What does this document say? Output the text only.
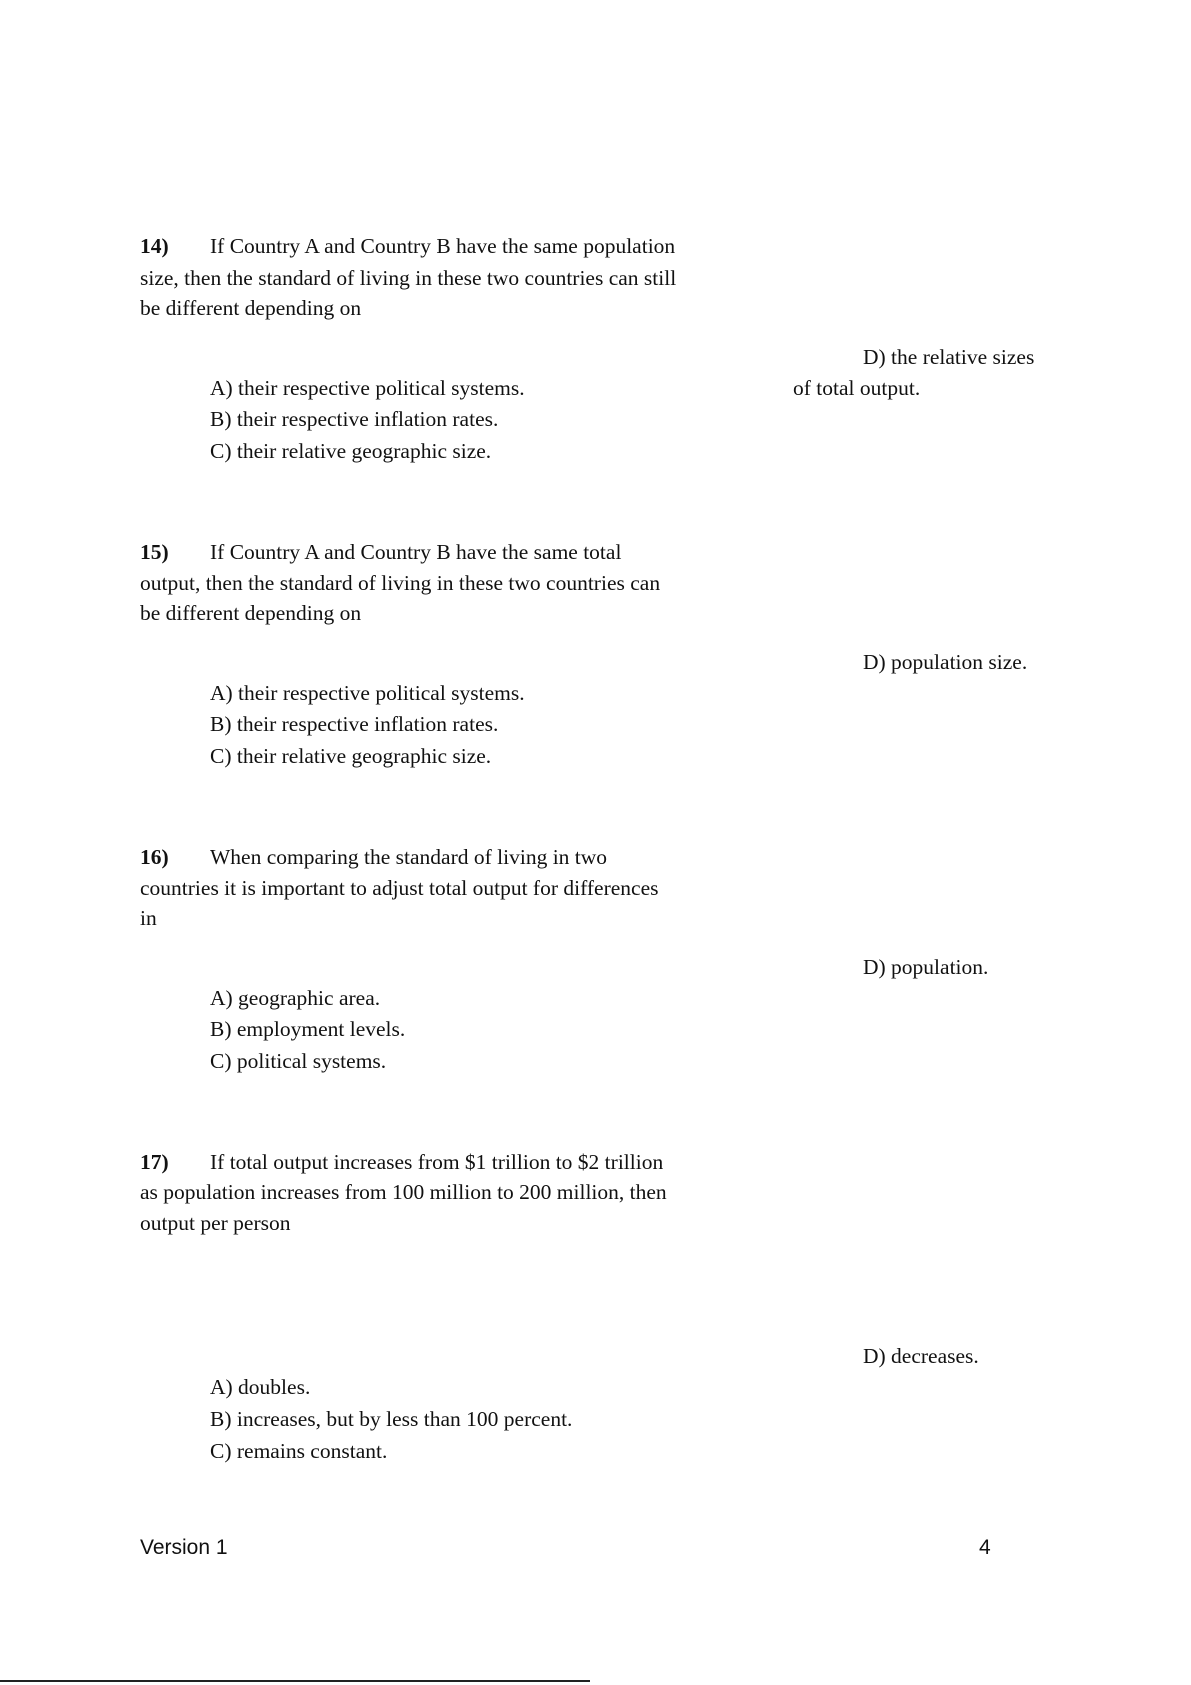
14) If Country A and Country B have the same population
size, then the standard of living in these two countries can still
be different depending on
A) their respective political systems.
B) their respective inflation rates.
C) their relative geographic size.
D) the relative sizes
of total output.
15) If Country A and Country B have the same total
output, then the standard of living in these two countries can
be different depending on
A) their respective political systems.
B) their respective inflation rates.
C) their relative geographic size.
D) population size.
16) When comparing the standard of living in two
countries it is important to adjust total output for differences
in
A) geographic area.
B) employment levels.
C) political systems.
D) population.
17) If total output increases from $1 trillion to $2 trillion
as population increases from 100 million to 200 million, then
output per person
A) doubles.
B) increases, but by less than 100 percent.
C) remains constant.
D) decreases.
Version 1	4
